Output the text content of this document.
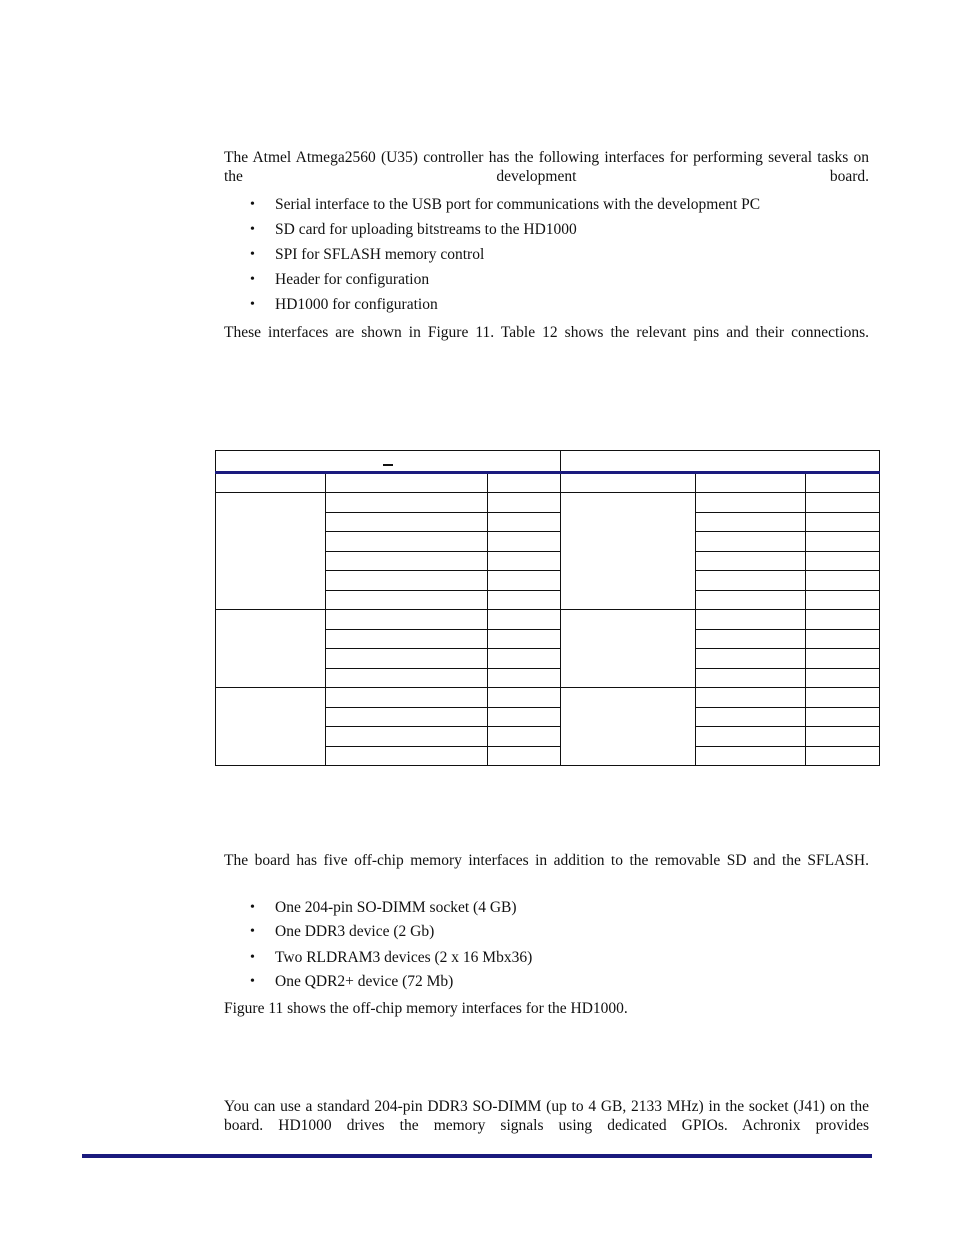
The Atmel Atmega2560 (U35) controller has the following interfaces for performing several tasks on the development board.

• Serial interface to the USB port for communications with the development PC
• SD card for uploading bitstreams to the HD1000
• SPI for SFLASH memory control
• Header for configuration
• HD1000 for configuration

These interfaces are shown in Figure 11. Table 12 shows the relevant pins and their connections.

The board has five off-chip memory interfaces in addition to the removable SD and the SFLASH.

• One 204-pin SO-DIMM socket (4 GB)
• One DDR3 device (2 Gb)
• Two RLDRAM3 devices (2 x 16 Mbx36)
• One QDR2+ device (72 Mb)

Figure 11 shows the off-chip memory interfaces for the HD1000.

You can use a standard 204-pin DDR3 SO-DIMM (up to 4 GB, 2133 MHz) in the socket (J41) on the board. HD1000 drives the memory signals using dedicated GPIOs. Achronix provides
